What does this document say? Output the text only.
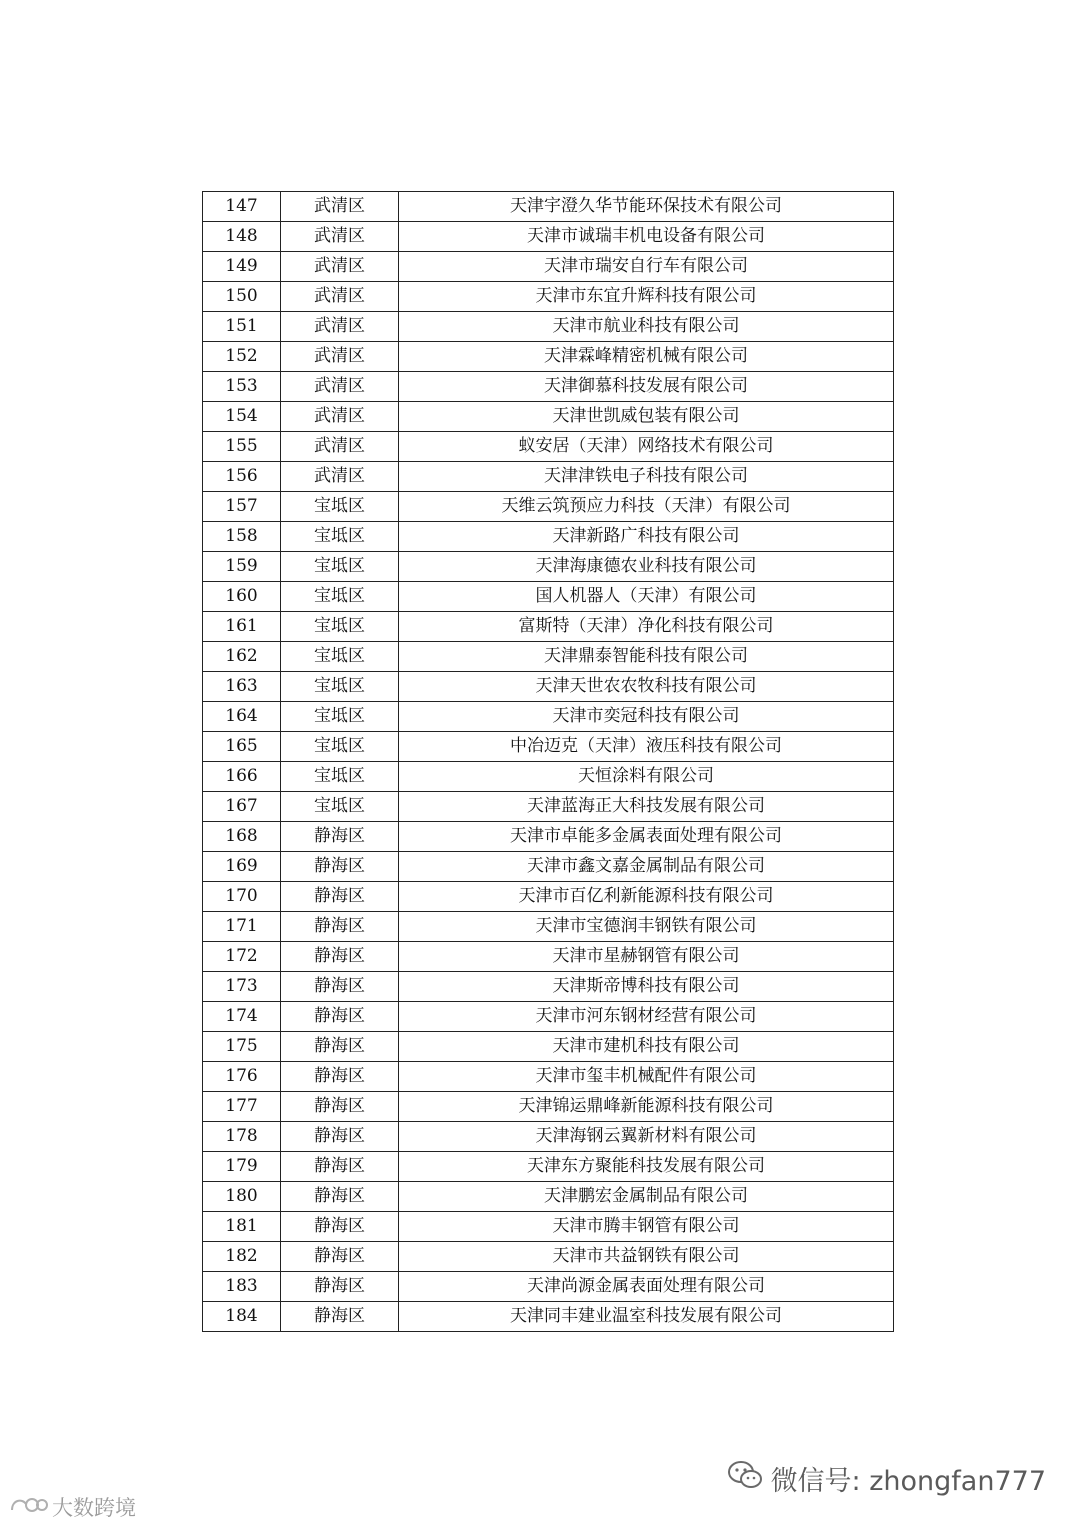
147	武清区	天津宇澄久华节能环保技术有限公司
148	武清区	天津市诚瑞丰机电设备有限公司
149	武清区	天津市瑞安自行车有限公司
150	武清区	天津市东宜升辉科技有限公司
151	武清区	天津市航业科技有限公司
152	武清区	天津霖峰精密机械有限公司
153	武清区	天津御慕科技发展有限公司
154	武清区	天津世凯威包装有限公司
155	武清区	蚁安居（天津）网络技术有限公司
156	武清区	天津津铁电子科技有限公司
157	宝坻区	天维云筑预应力科技（天津）有限公司
158	宝坻区	天津新路广科技有限公司
159	宝坻区	天津海康德农业科技有限公司
160	宝坻区	国人机器人（天津）有限公司
161	宝坻区	富斯特（天津）净化科技有限公司
162	宝坻区	天津鼎泰智能科技有限公司
163	宝坻区	天津天世农农牧科技有限公司
164	宝坻区	天津市奕冠科技有限公司
165	宝坻区	中冶迈克（天津）液压科技有限公司
166	宝坻区	天恒涂料有限公司
167	宝坻区	天津蓝海正大科技发展有限公司
168	静海区	天津市卓能多金属表面处理有限公司
169	静海区	天津市鑫文嘉金属制品有限公司
170	静海区	天津市百亿利新能源科技有限公司
171	静海区	天津市宝德润丰钢铁有限公司
172	静海区	天津市星赫钢管有限公司
173	静海区	天津斯帝博科技有限公司
174	静海区	天津市河东钢材经营有限公司
175	静海区	天津市建机科技有限公司
176	静海区	天津市玺丰机械配件有限公司
177	静海区	天津锦运鼎峰新能源科技有限公司
178	静海区	天津海钢云翼新材料有限公司
179	静海区	天津东方聚能科技发展有限公司
180	静海区	天津鹏宏金属制品有限公司
181	静海区	天津市腾丰钢管有限公司
182	静海区	天津市共益钢铁有限公司
183	静海区	天津尚源金属表面处理有限公司
184	静海区	天津同丰建业温室科技发展有限公司
微信号: zhongfan777
大数跨境
